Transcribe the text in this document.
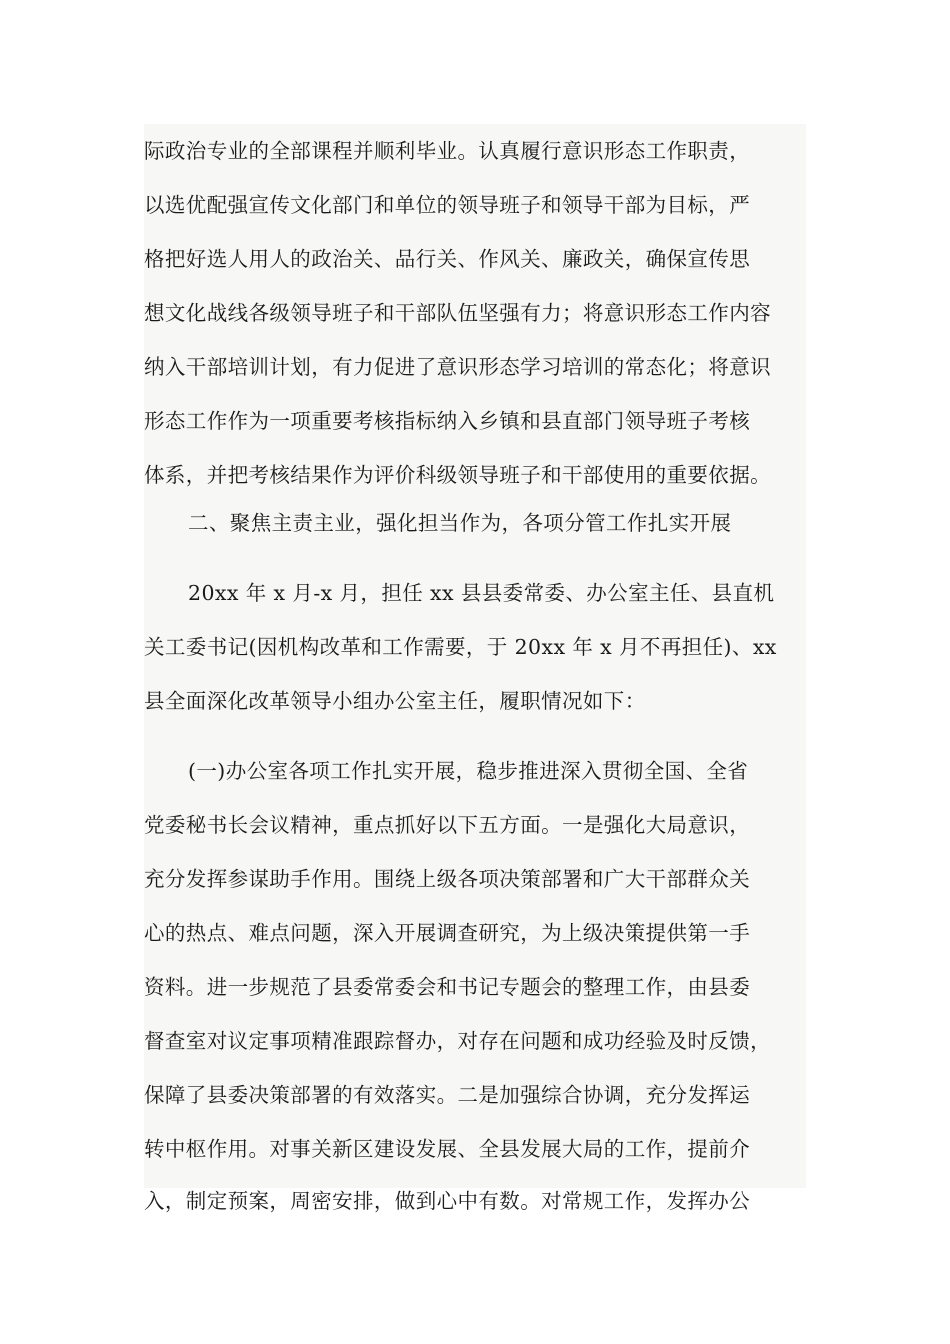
际政治专业的全部课程并顺利毕业。认真履行意识形态工作职责，
以选优配强宣传文化部门和单位的领导班子和领导干部为目标，严
格把好选人用人的政治关、品行关、作风关、廉政关，确保宣传思
想文化战线各级领导班子和干部队伍坚强有力；将意识形态工作内容
纳入干部培训计划，有力促进了意识形态学习培训的常态化；将意识
形态工作作为一项重要考核指标纳入乡镇和县直部门领导班子考核
体系，并把考核结果作为评价科级领导班子和干部使用的重要依据。
二、聚焦主责主业，强化担当作为，各项分管工作扎实开展
20xx 年 x 月-x 月，担任 xx 县县委常委、办公室主任、县直机
关工委书记(因机构改革和工作需要，于 20xx 年 x 月不再担任)、xx
县全面深化改革领导小组办公室主任，履职情况如下：
(一)办公室各项工作扎实开展，稳步推进深入贯彻全国、全省
党委秘书长会议精神，重点抓好以下五方面。一是强化大局意识，
充分发挥参谋助手作用。围绕上级各项决策部署和广大干部群众关
心的热点、难点问题，深入开展调查研究，为上级决策提供第一手
资料。进一步规范了县委常委会和书记专题会的整理工作，由县委
督查室对议定事项精准跟踪督办，对存在问题和成功经验及时反馈，
保障了县委决策部署的有效落实。二是加强综合协调，充分发挥运
转中枢作用。对事关新区建设发展、全县发展大局的工作，提前介
入，制定预案，周密安排，做到心中有数。对常规工作，发挥办公
